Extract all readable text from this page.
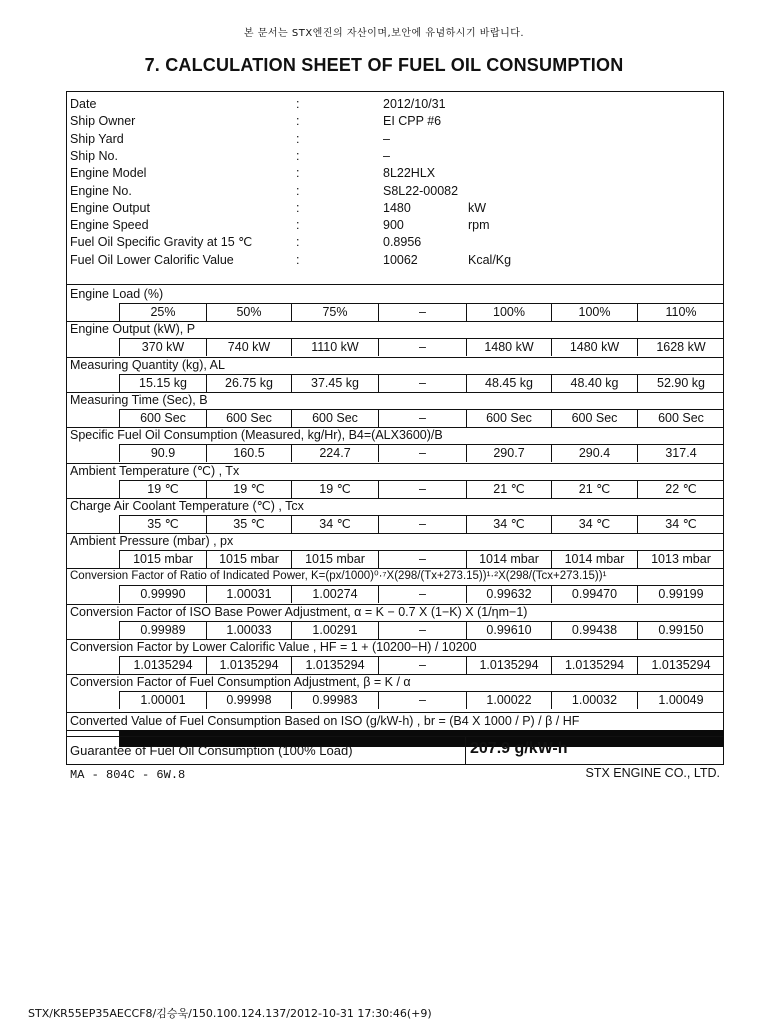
본 문서는 STX엔진의 자산이며,보안에 유념하시기 바랍니다.
7. CALCULATION SHEET OF FUEL OIL CONSUMPTION
Date	:	2012/10/31
Ship Owner	:	EI CPP #6
Ship Yard	:	–
Ship No.	:	–
Engine Model	:	8L22HLX
Engine No.	:	S8L22-00082
Engine Output	:	1480	kW
Engine Speed	:	900	rpm
Fuel Oil Specific Gravity at 15 ℃	:	0.8956
Fuel Oil Lower Calorific Value	:	10062	Kcal/Kg
Engine Load (%)
25%	50%	75%	–	100%	100%	110%
Engine Output (kW), P
370 kW	740 kW	1110 kW	–	1480 kW	1480 kW	1628 kW
Measuring Quantity (kg), AL
15.15 kg	26.75 kg	37.45 kg	–	48.45 kg	48.40 kg	52.90 kg
Measuring Time (Sec), B
600 Sec	600 Sec	600 Sec	–	600 Sec	600 Sec	600 Sec
Specific Fuel Oil Consumption (Measured, kg/Hr), B4=(ALX3600)/B
90.9	160.5	224.7	–	290.7	290.4	317.4
Ambient Temperature (℃) , Tx
19 ℃	19 ℃	19 ℃	–	21 ℃	21 ℃	22 ℃
Charge Air Coolant Temperature (℃) , Tcx
35 ℃	35 ℃	34 ℃	–	34 ℃	34 ℃	34 ℃
Ambient Pressure (mbar) , px
1015 mbar	1015 mbar	1015 mbar	–	1014 mbar	1014 mbar	1013 mbar
Conversion Factor of Ratio of Indicated Power, K=(px/1000)⁰·⁷X(298/(Tx+273.15))¹·²X(298/(Tcx+273.15))¹
0.99990	1.00031	1.00274	–	0.99632	0.99470	0.99199
Conversion Factor of ISO Base Power Adjustment, α = K − 0.7 X (1−K) X (1/ηm−1)
0.99989	1.00033	1.00291	–	0.99610	0.99438	0.99150
Conversion Factor by Lower Calorific Value , HF = 1 + (10200−H) / 10200
1.0135294	1.0135294	1.0135294	–	1.0135294	1.0135294	1.0135294
Conversion Factor of Fuel Consumption Adjustment, β = K / α
1.00001	0.99998	0.99983	–	1.00022	1.00032	1.00049
Converted Value of Fuel Consumption Based on ISO (g/kW-h) , br = (B4 X 1000 / P) / β / HF
Guarantee of Fuel Oil Consumption (100% Load)	207.9 g/kW-h
MA - 804C - 6W.8	STX ENGINE CO., LTD.
STX/KR55EP35AECCF8/김승욱/150.100.124.137/2012-10-31 17:30:46(+9)
